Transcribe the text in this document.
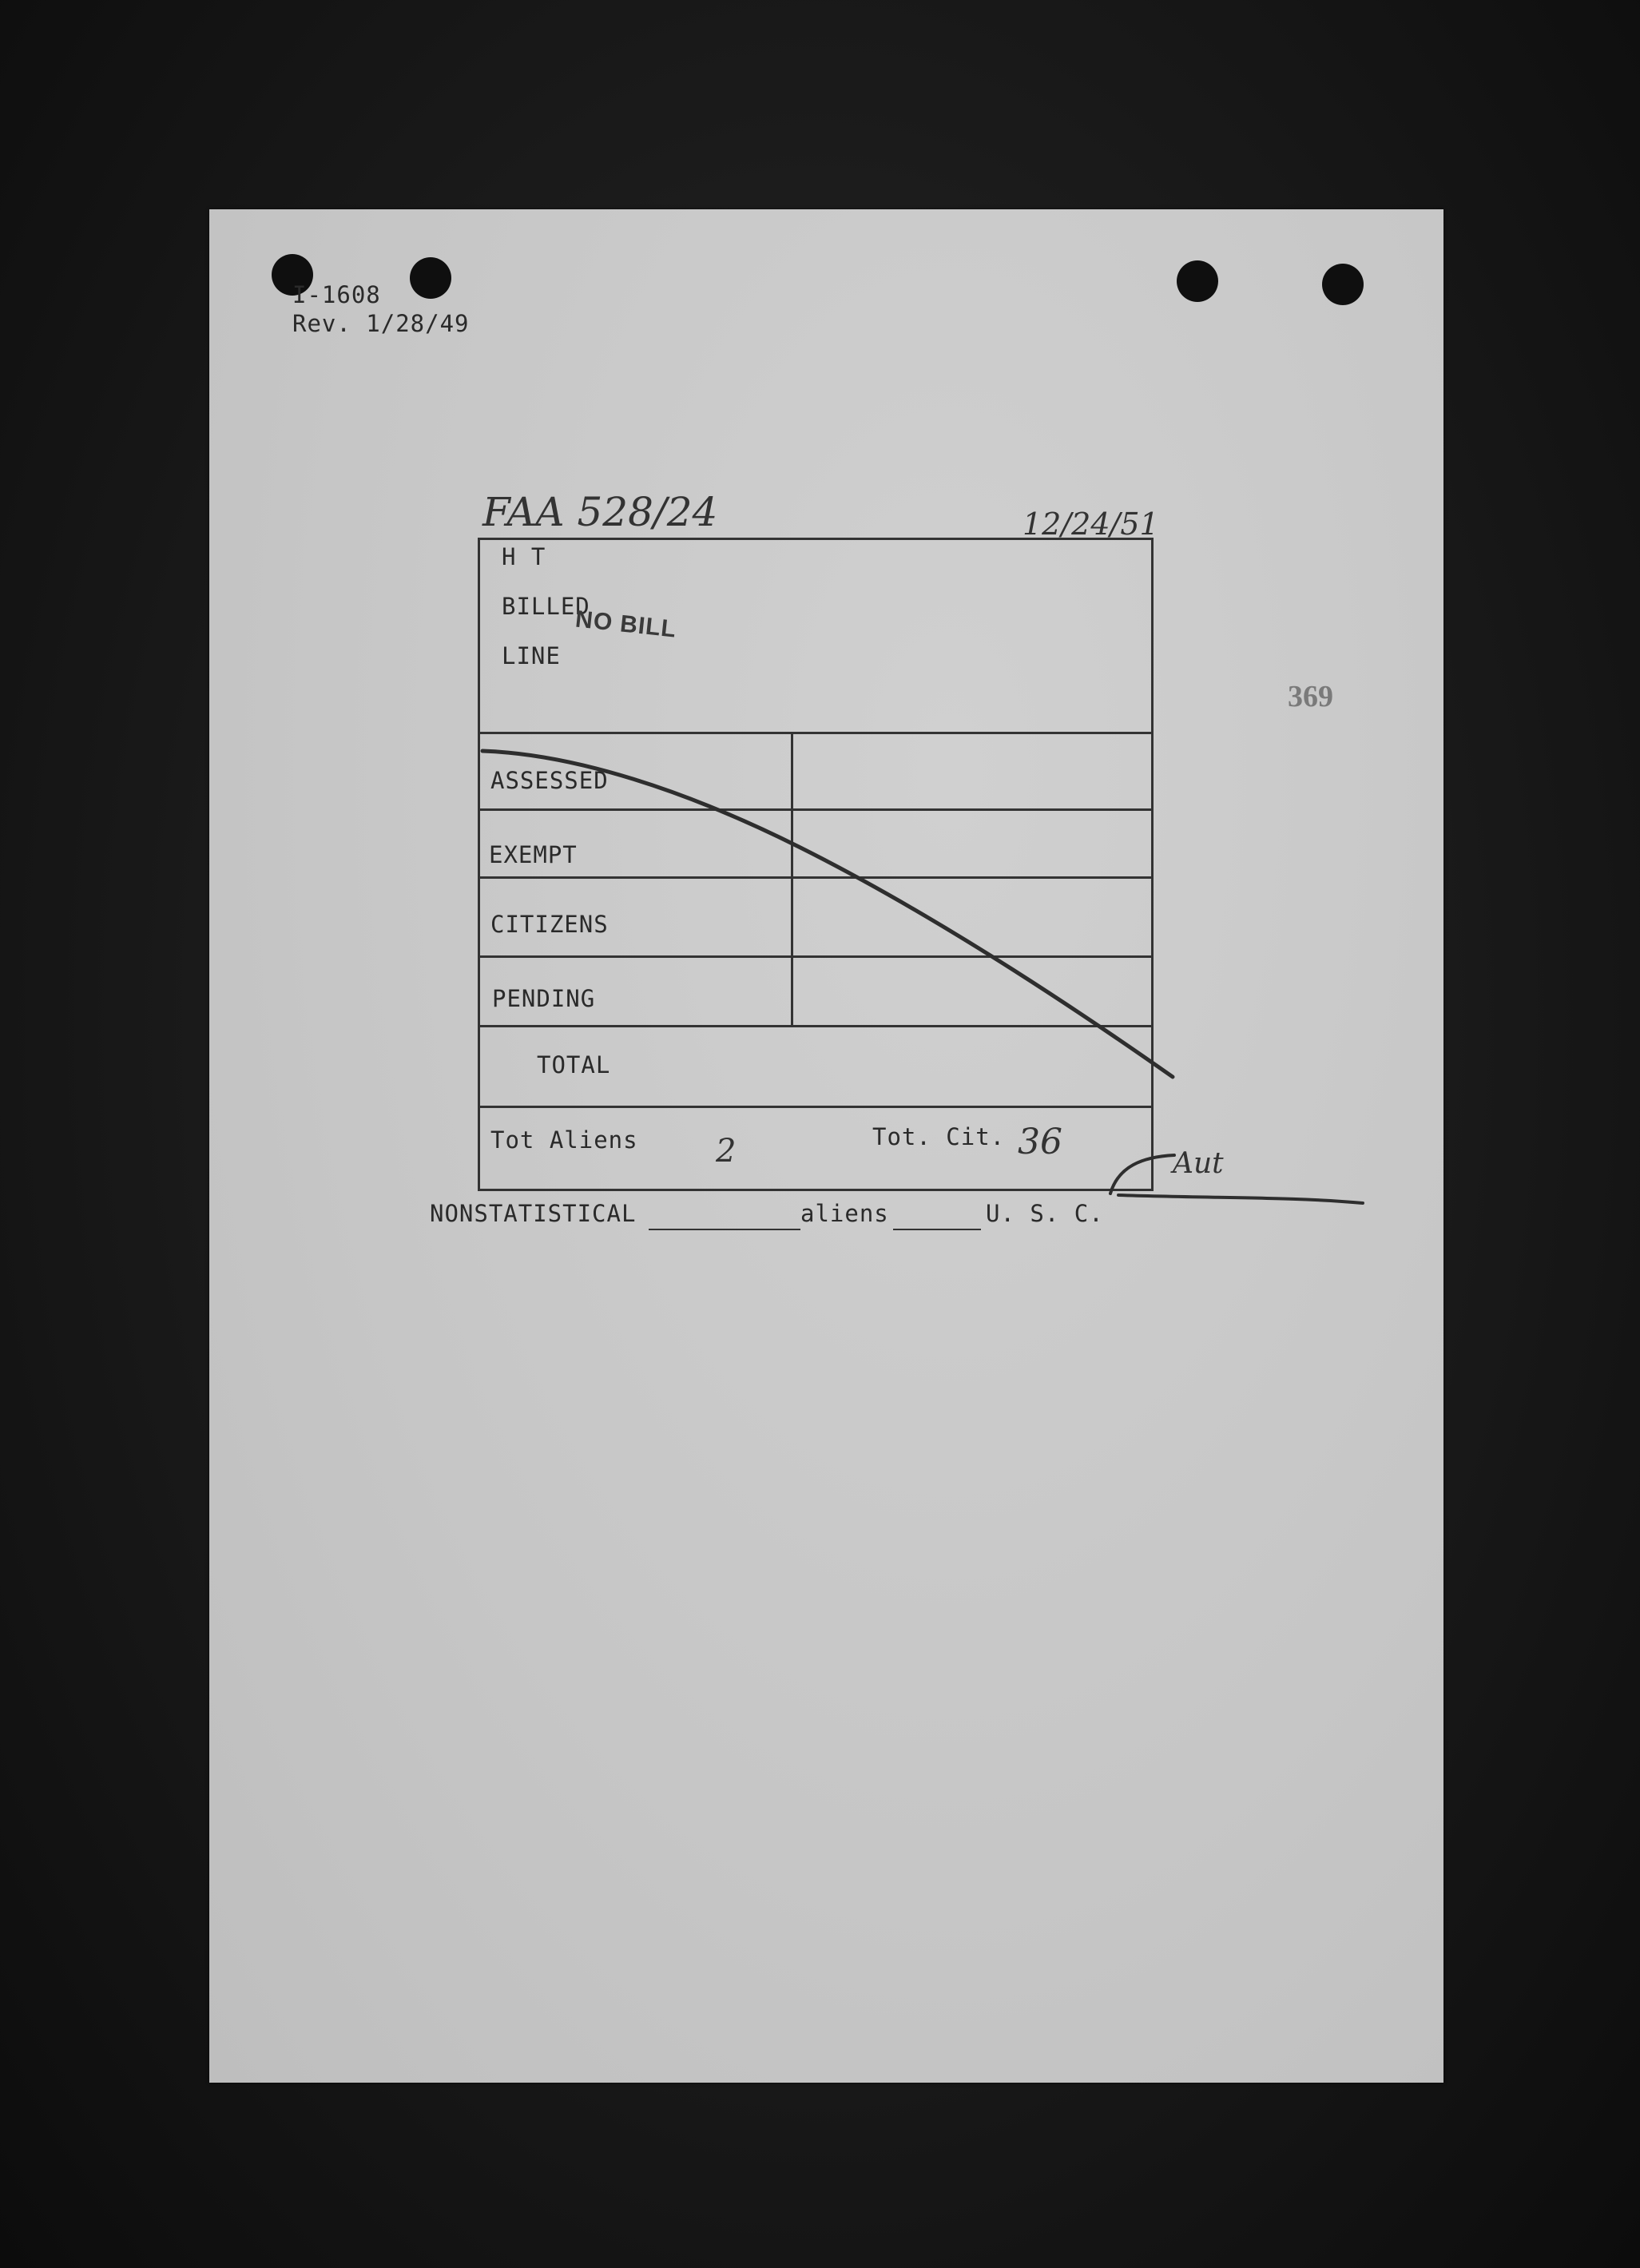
I-1608
Rev. 1/28/49
FAA 528/24	12/24/51
369
H T
BILLED
NO BILL
LINE
ASSESSED
EXEMPT
CITIZENS
PENDING
TOTAL
Tot Aliens 2	Tot. Cit. 36
Aut
NONSTATISTICAL	aliens	U. S. C.
